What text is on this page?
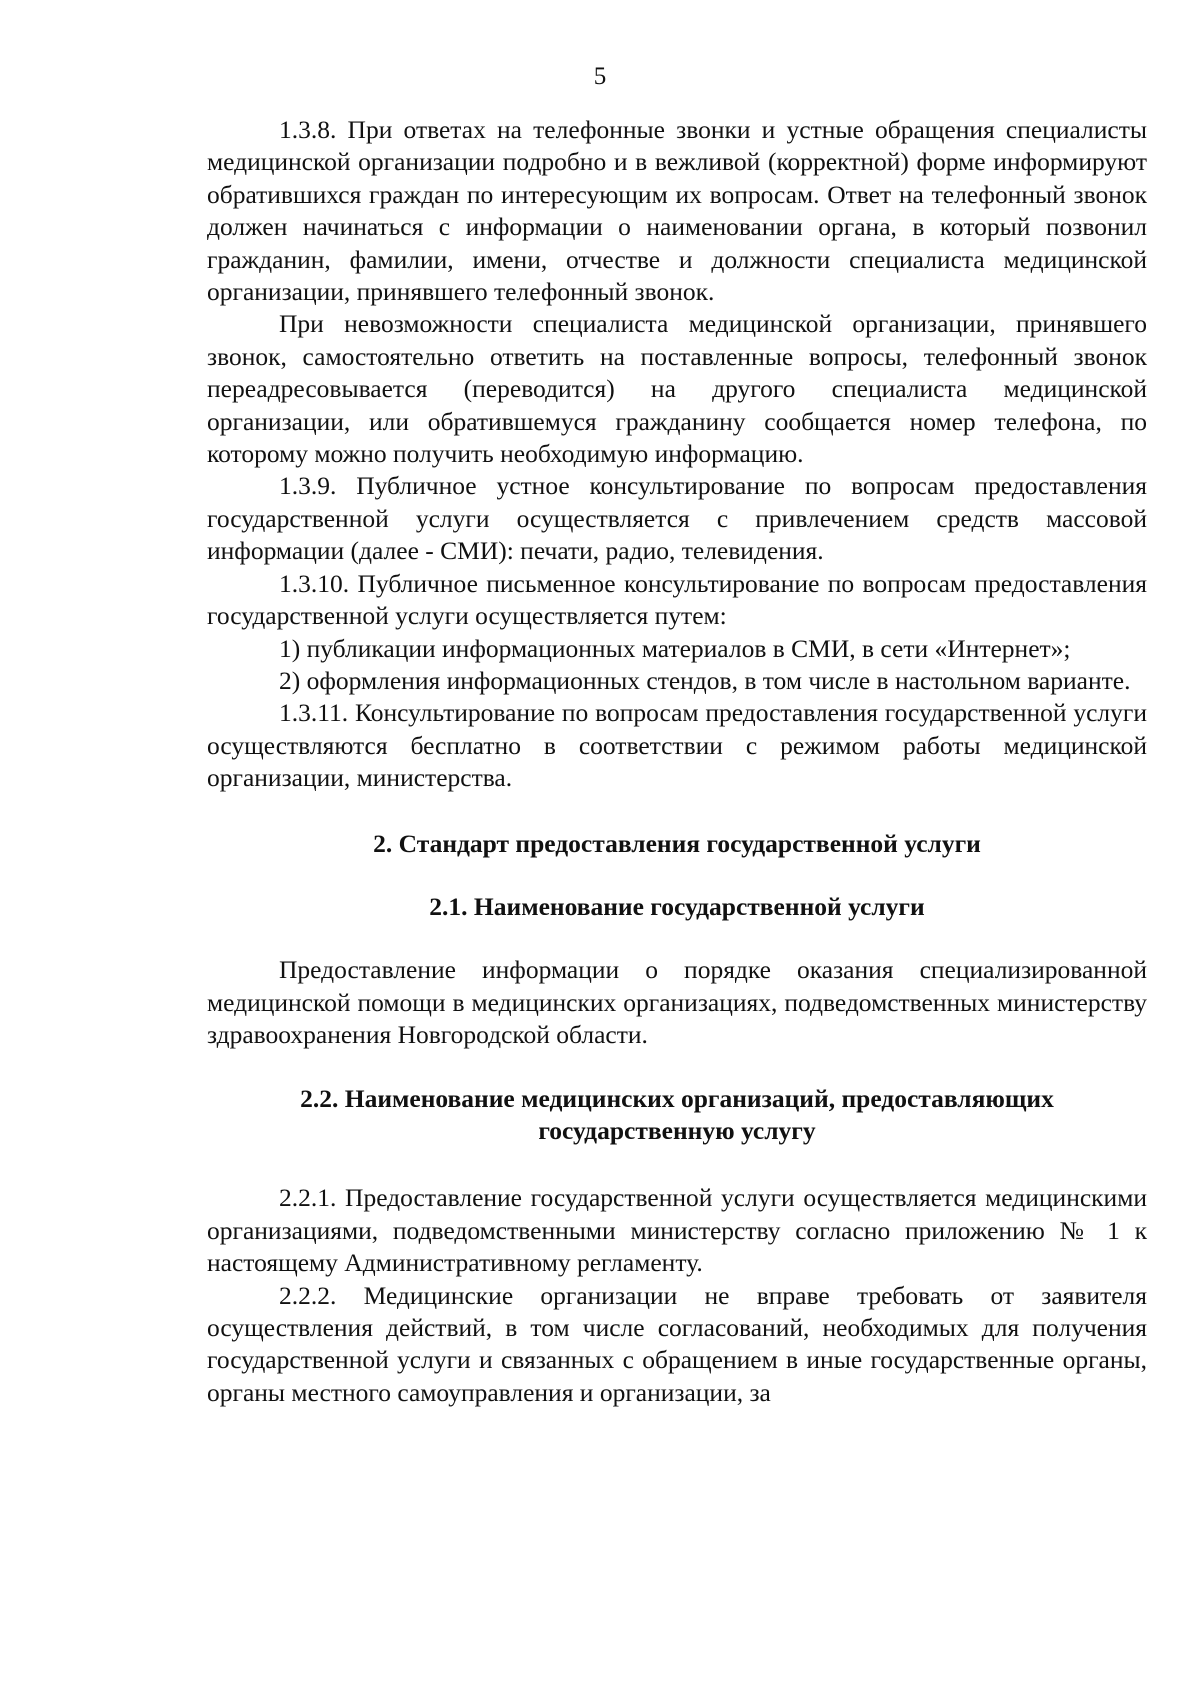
5

1.3.8. При ответах на телефонные звонки и устные обращения специалисты медицинской организации подробно и в вежливой (корректной) форме информируют обратившихся граждан по интересующим их вопросам. Ответ на телефонный звонок должен начинаться с информации о наименовании органа, в который позвонил гражданин, фамилии, имени, отчестве и должности специалиста медицинской организации, принявшего телефонный звонок.

При невозможности специалиста медицинской организации, принявшего звонок, самостоятельно ответить на поставленные вопросы, телефонный звонок переадресовывается (переводится) на другого специалиста медицинской организации, или обратившемуся гражданину сообщается номер телефона, по которому можно получить необходимую информацию.

1.3.9. Публичное устное консультирование по вопросам предоставления государственной услуги осуществляется с привлечением средств массовой информации (далее - СМИ): печати, радио, телевидения.

1.3.10. Публичное письменное консультирование по вопросам предоставления государственной услуги осуществляется путем:

1) публикации информационных материалов в СМИ, в сети «Интернет»;

2) оформления информационных стендов, в том числе в настольном варианте.

1.3.11. Консультирование по вопросам предоставления государственной услуги осуществляются бесплатно в соответствии с режимом работы медицинской организации, министерства.

2. Стандарт предоставления государственной услуги
2.1. Наименование государственной услуги

Предоставление информации о порядке оказания специализированной медицинской помощи в медицинских организациях, подведомственных министерству здравоохранения Новгородской области.

2.2. Наименование медицинских организаций, предоставляющих
государственную услугу

2.2.1. Предоставление государственной услуги осуществляется медицинскими организациями, подведомственными министерству согласно приложению № 1 к настоящему Административному регламенту.

2.2.2. Медицинские организации не вправе требовать от заявителя осуществления действий, в том числе согласований, необходимых для получения государственной услуги и связанных с обращением в иные государственные органы, органы местного самоуправления и организации, за
